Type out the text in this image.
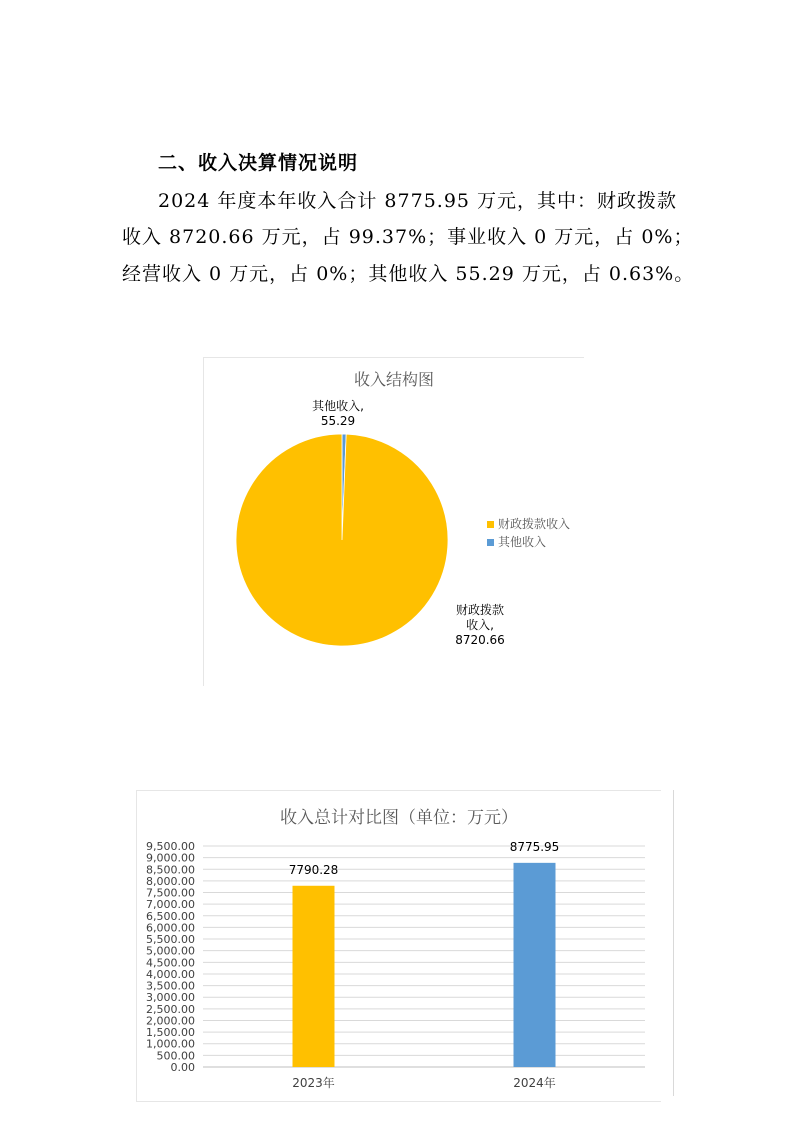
二、收入决算情况说明
2024 年度本年收入合计 8775.95 万元，其中：财政拨款
收入 8720.66 万元，占 99.37%；事业收入 0 万元，占 0%；
经营收入 0 万元，占 0%；其他收入 55.29 万元，占 0.63%。
收入结构图
其他收入,
55.29
财政拨款
收入,
8720.66
财政拨款收入
其他收入
收入总计对比图（单位：万元）
0.00
500.00
1,000.00
1,500.00
2,000.00
2,500.00
3,000.00
3,500.00
4,000.00
4,500.00
5,000.00
5,500.00
6,000.00
6,500.00
7,000.00
7,500.00
8,000.00
8,500.00
9,000.00
9,500.00
7790.28
2023年
8775.95
2024年
